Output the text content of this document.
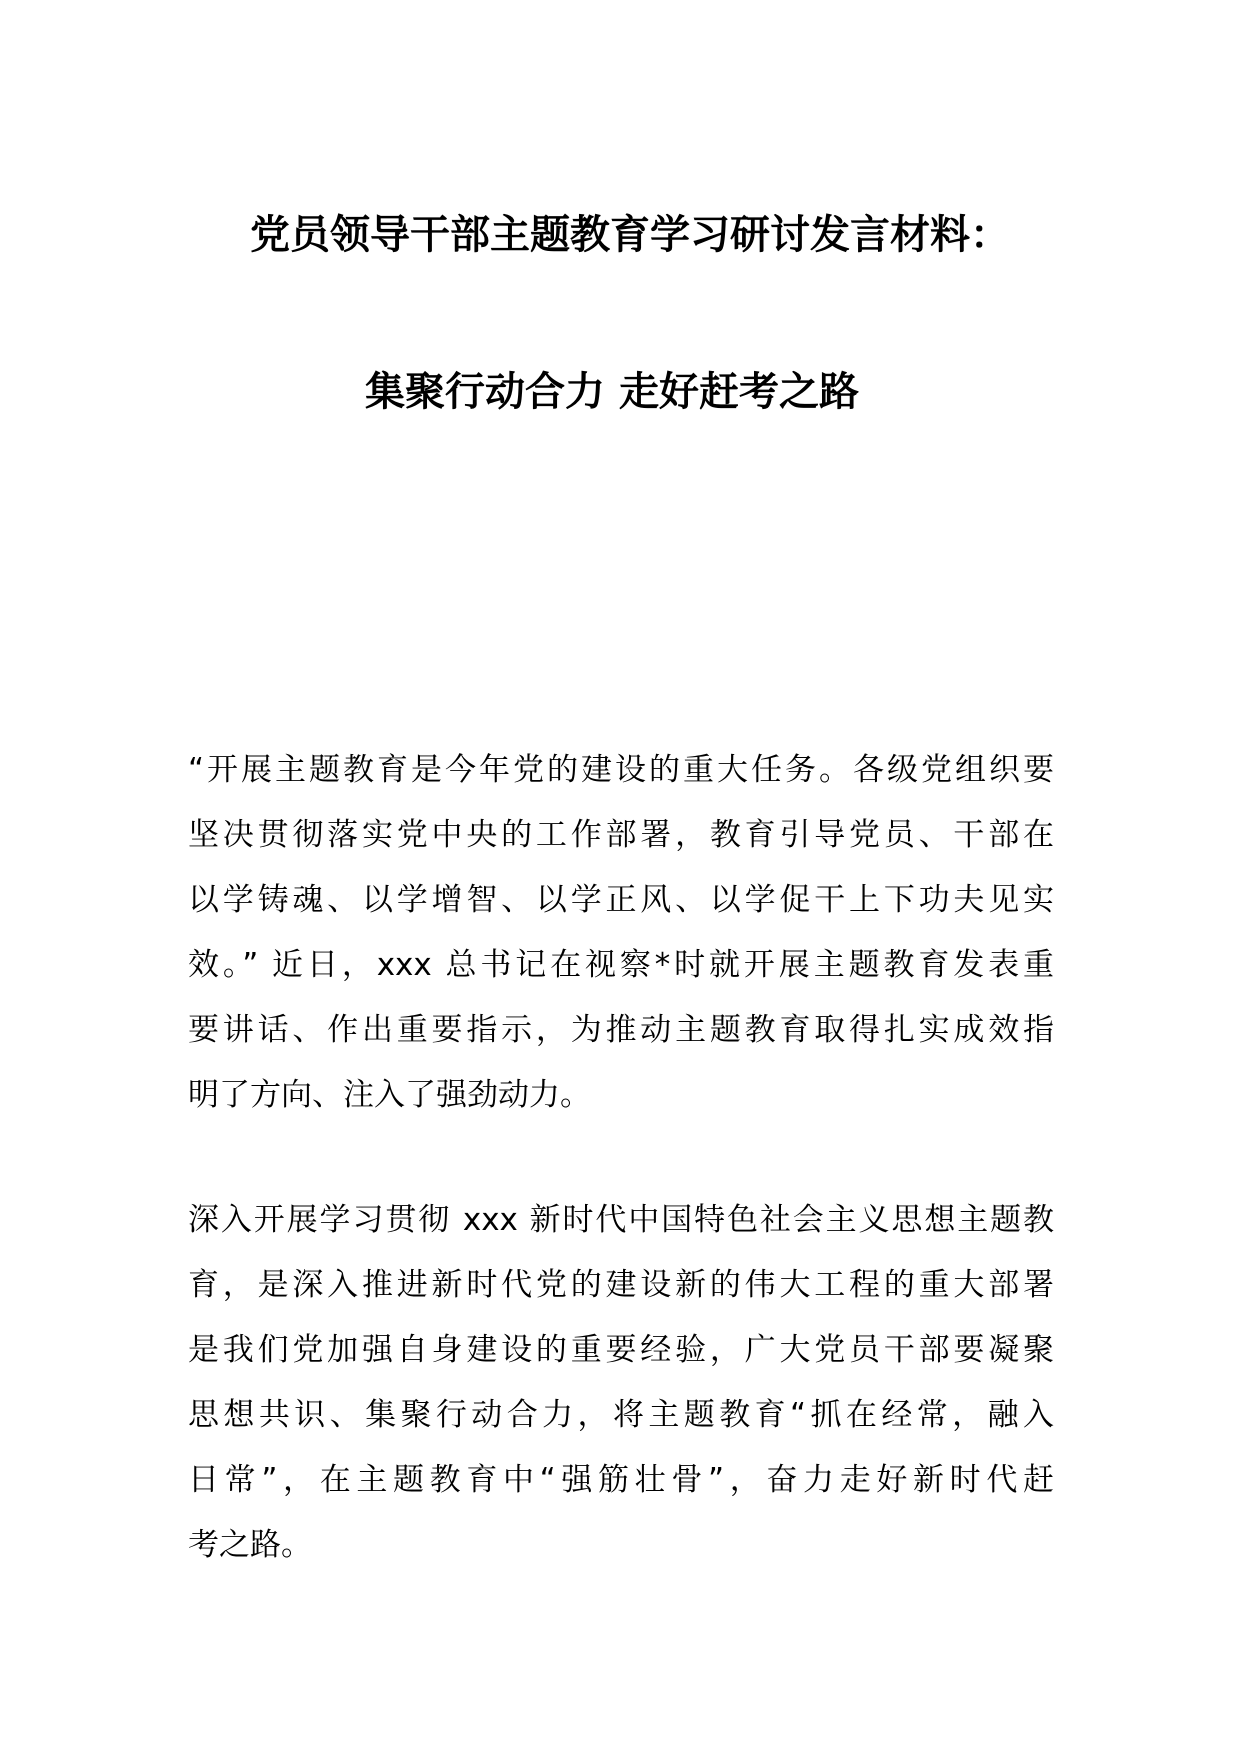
党员领导干部主题教育学习研讨发言材料：
集聚行动合力 走好赶考之路
“开展主题教育是今年党的建设的重大任务。各级党组织要
坚决贯彻落实党中央的工作部署，教育引导党员、干部在
以学铸魂、以学增智、以学正风、以学促干上下功夫见实
效。” 近日，xxx 总书记在视察*时就开展主题教育发表重
要讲话、作出重要指示，为推动主题教育取得扎实成效指
明了方向、注入了强劲动力。
深入开展学习贯彻 xxx 新时代中国特色社会主义思想主题教
育，是深入推进新时代党的建设新的伟大工程的重大部署
是我们党加强自身建设的重要经验，广大党员干部要凝聚
思想共识、集聚行动合力，将主题教育“抓在经常，融入
日常”，在主题教育中“强筋壮骨”，奋力走好新时代赶
考之路。
